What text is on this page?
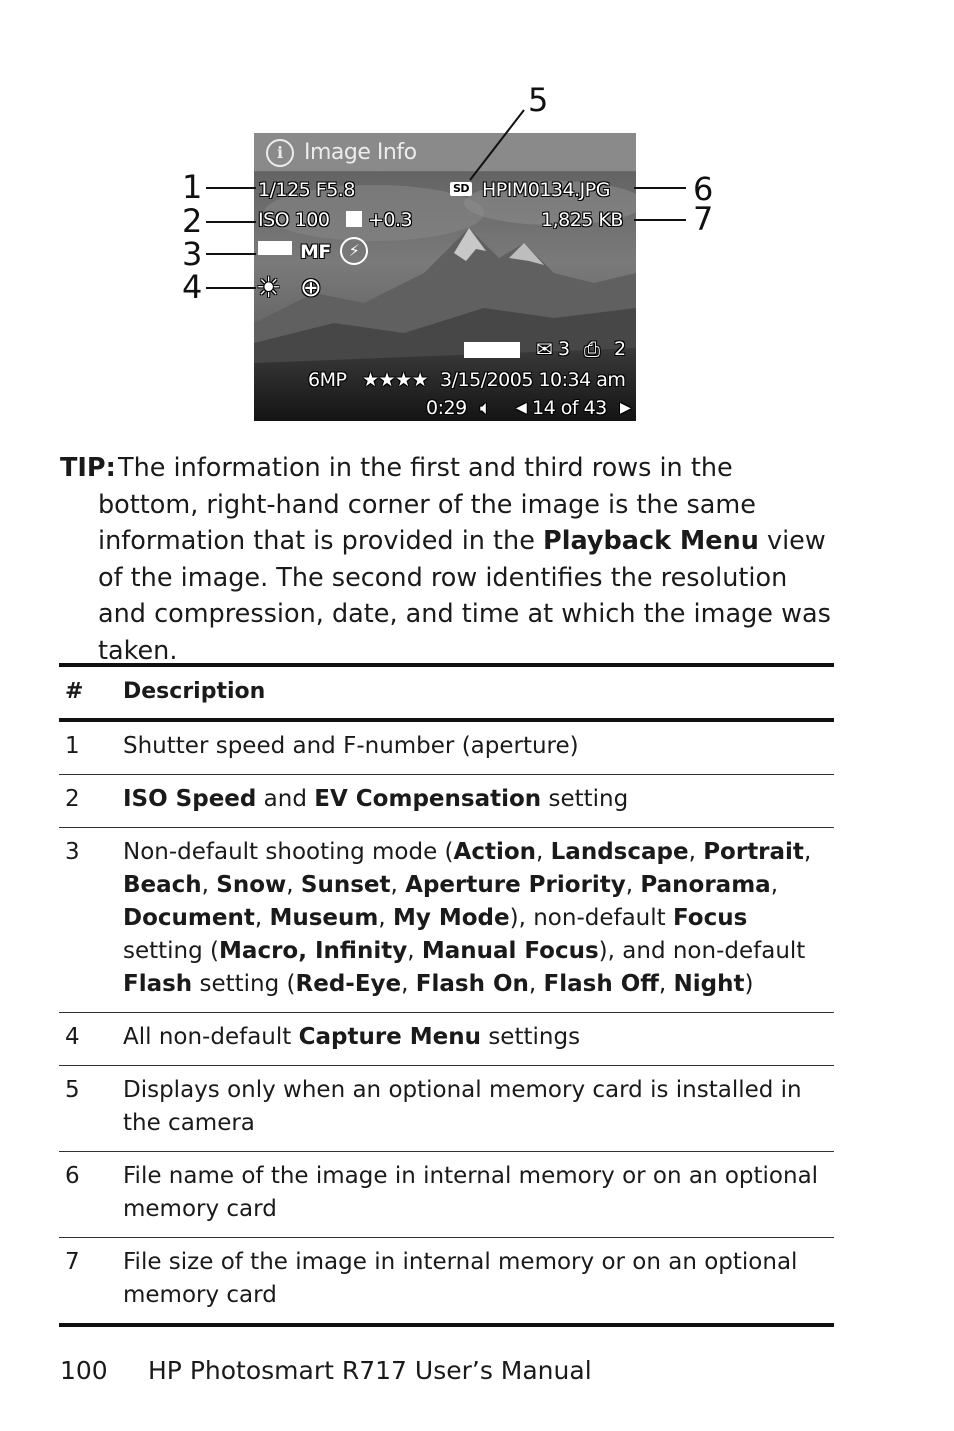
i Image Info
1/125 F5.8	SD HPIM0134.JPG
ISO 100 +0.3	1,825 KB
MF	⚡
☀ ⊕
✉ 3 ⎙ 2
6MP ★★★★ 3/15/2005 10:34 am
0:29 🔈︎ ◀ 14 of 43 ▶
1
2
3
4
5
6
7
TIP: The information in the first and third rows in the bottom, right-hand corner of the image is the same information that is provided in the Playback Menu view of the image. The second row identifies the resolution and compression, date, and time at which the image was taken.

#	Description
1	Shutter speed and F-number (aperture)
2	ISO Speed and EV Compensation setting
3	Non-default shooting mode (Action, Landscape, Portrait, Beach, Snow, Sunset, Aperture Priority, Panorama, Document, Museum, My Mode), non-default Focus setting (Macro, Infinity, Manual Focus), and non-default Flash setting (Red-Eye, Flash On, Flash Off, Night)
4	All non-default Capture Menu settings
5	Displays only when an optional memory card is installed in the camera
6	File name of the image in internal memory or on an optional memory card
7	File size of the image in internal memory or on an optional memory card
100 HP Photosmart R717 User’s Manual
